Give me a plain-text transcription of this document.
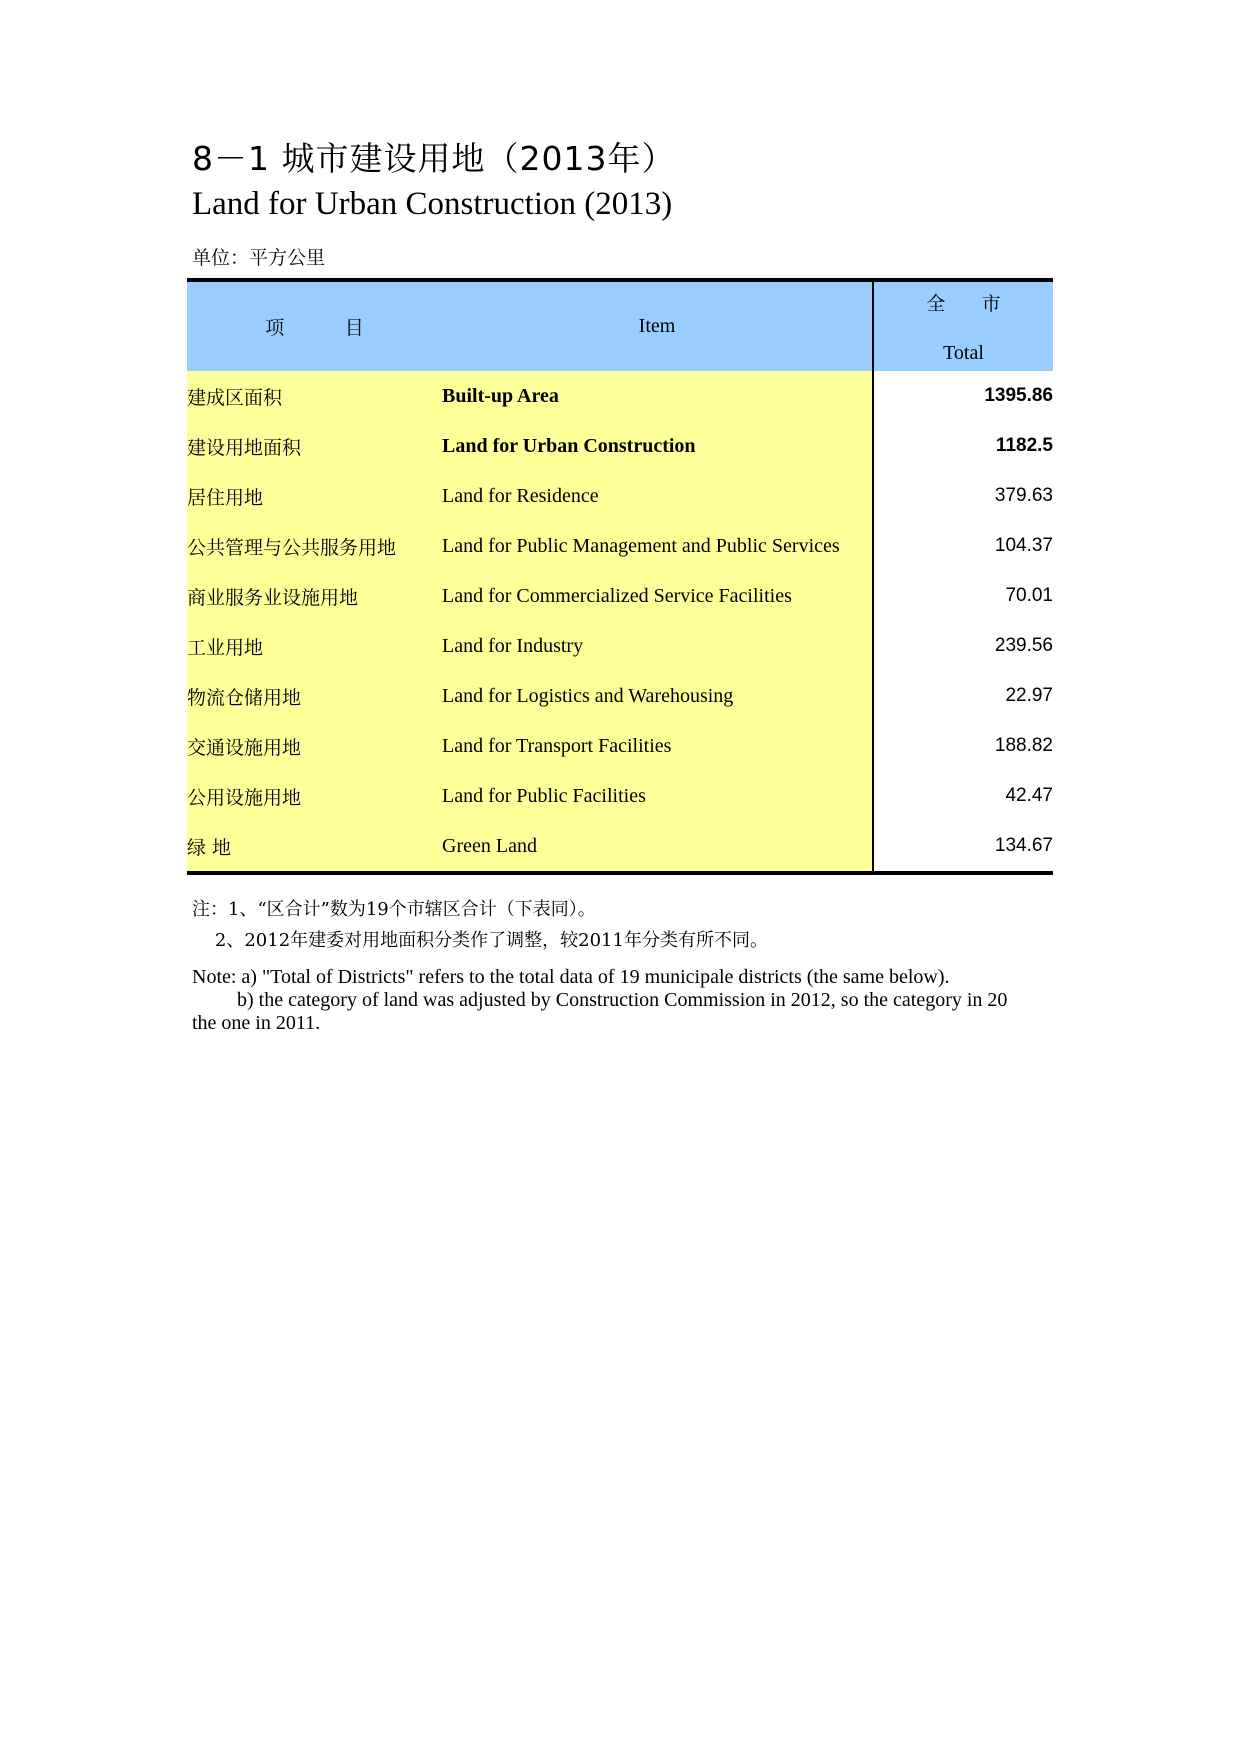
8－1 城市建设用地（2013年）
Land for Urban Construction (2013)
单位：平方公里
项          目	Item	全      市
Total

建成区面积	Built-up Area	1395.86
建设用地面积	Land for Urban Construction	1182.5
居住用地	Land for Residence	379.63
公共管理与公共服务用地	Land for Public Management and Public Services	104.37
商业服务业设施用地	Land for Commercialized Service Facilities	70.01
工业用地	Land for Industry	239.56
物流仓储用地	Land for Logistics and Warehousing	22.97
交通设施用地	Land for Transport Facilities	188.82
公用设施用地	Land for Public Facilities	42.47
绿 地	Green Land	134.67
注：1、“区合计”数为19个市辖区合计（下表同）。
2、2012年建委对用地面积分类作了调整，较2011年分类有所不同。
Note: a) "Total of Districts" refers to the total data of 19 municipale districts (the same below).
b) the category of land was adjusted by Construction Commission in 2012, so the category in 20
the one in 2011.
